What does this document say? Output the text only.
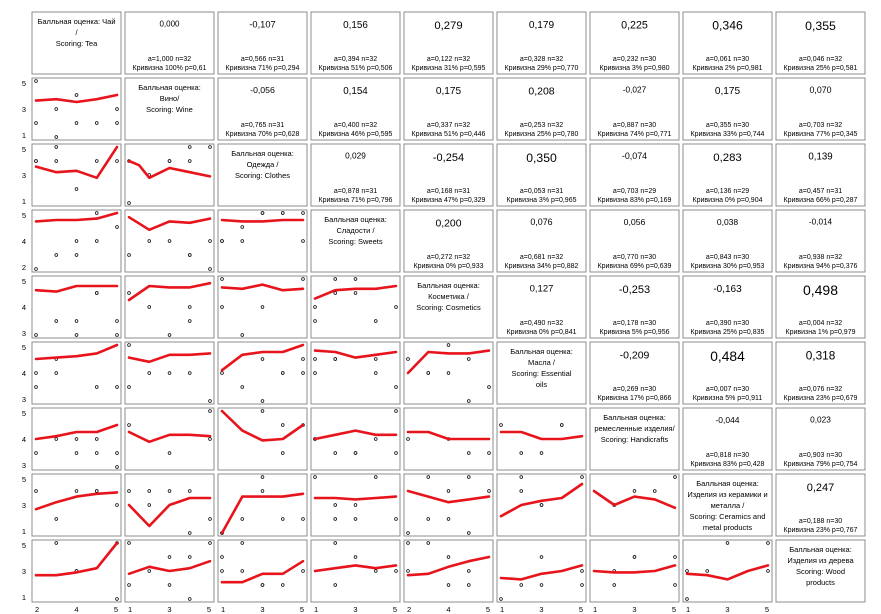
Балльная оценка: Чай / Scoring: Tea
Балльная оценка: Вино/ Scoring: Wine
Балльная оценка: Одежда / Scoring: Clothes
Балльная оценка: Сладости / Scoring: Sweets
Балльная оценка: Косметика / Scoring: Cosmetics
Балльная оценка: Масла / Scoring: Essential oils
Балльная оценка: ремесленные изделия/ Scoring: Handicrafts
Балльная оценка: Изделия из керамики и металла / Scoring: Ceramics and metal products
Балльная оценка: Изделия из дерева Scoring: Wood products
0,000
a=1,000 n=32
Кривизна 100% p=0,61
-0,107
a=0,566 n=31
Кривизна 71% p=0,294
0,156
a=0,394 n=32
Кривизна 51% p=0,506
0,279
a=0,122 n=32
Кривизна 31% p=0,595
0,179
a=0,328 n=32
Кривизна 29% p=0,770
0,225
a=0,232 n=30
Кривизна 3% p=0,980
0,346
a=0,061 n=30
Кривизна 2% p=0,981
0,355
a=0,046 n=32
Кривизна 25% p=0,581
-0,056
a=0,765 n=31
Кривизна 70% p=0,628
0,154
a=0,400 n=32
Кривизна 46% p=0,595
0,175
a=0,337 n=32
Кривизна 51% p=0,446
0,208
a=0,253 n=32
Кривизна 25% p=0,780
-0,027
a=0,887 n=30
Кривизна 74% p=0,771
0,175
a=0,355 n=30
Кривизна 33% p=0,744
0,070
a=0,703 n=32
Кривизна 77% p=0,345
0,029
a=0,878 n=31
Кривизна 71% p=0,796
-0,254
a=0,168 n=31
Кривизна 47% p=0,329
0,350
a=0,053 n=31
Кривизна 3% p=0,965
-0,074
a=0,703 n=29
Кривизна 83% p=0,169
0,283
a=0,136 n=29
Кривизна 0% p=0,904
0,139
a=0,457 n=31
Кривизна 66% p=0,287
0,200
a=0,272 n=32
Кривизна 0% p=0,933
0,076
a=0,681 n=32
Кривизна 34% p=0,882
0,056
a=0,770 n=30
Кривизна 69% p=0,639
0,038
a=0,843 n=30
Кривизна 30% p=0,953
-0,014
a=0,938 n=32
Кривизна 94% p=0,376
0,127
a=0,490 n=32
Кривизна 0% p=0,841
-0,253
a=0,178 n=30
Кривизна 5% p=0,956
-0,163
a=0,390 n=30
Кривизна 25% p=0,835
0,498
a=0,004 n=32
Кривизна 1% p=0,979
-0,209
a=0,269 n=30
Кривизна 17% p=0,866
0,484
a=0,007 n=30
Кривизна 5% p=0,911
0,318
a=0,076 n=32
Кривизна 23% p=0,679
-0,044
a=0,818 n=30
Кривизна 83% p=0,428
0,023
a=0,903 n=30
Кривизна 79% p=0,754
0,247
a=0,188 n=30
Кривизна 23% p=0,767
5
3
1
5
3
1
5
4
2
5
4
3
5
4
3
5
4
3
5
3
1
5
3
1
2	4	5 1	3	5 1	3	5 1	3	5 2	4	5 1	3	5 1	3	5 1	3	5
